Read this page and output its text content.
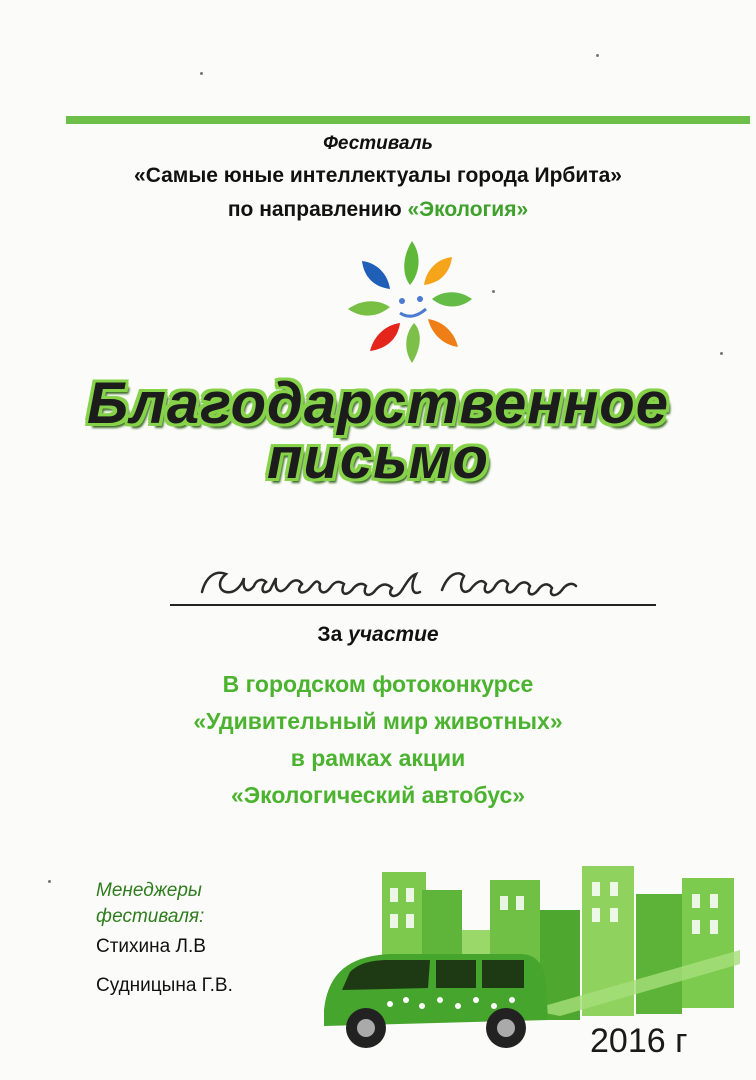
Фестиваль
«Самые юные интеллектуалы города Ирбита»
по направлению «Экология»
Благодарственное
письмо
За участие
В городском фотоконкурсе
«Удивительный мир животных»
в рамках акции
«Экологический автобус»
Менеджеры
фестиваля:
Стихина Л.В
Судницына Г.В.
2016 г
